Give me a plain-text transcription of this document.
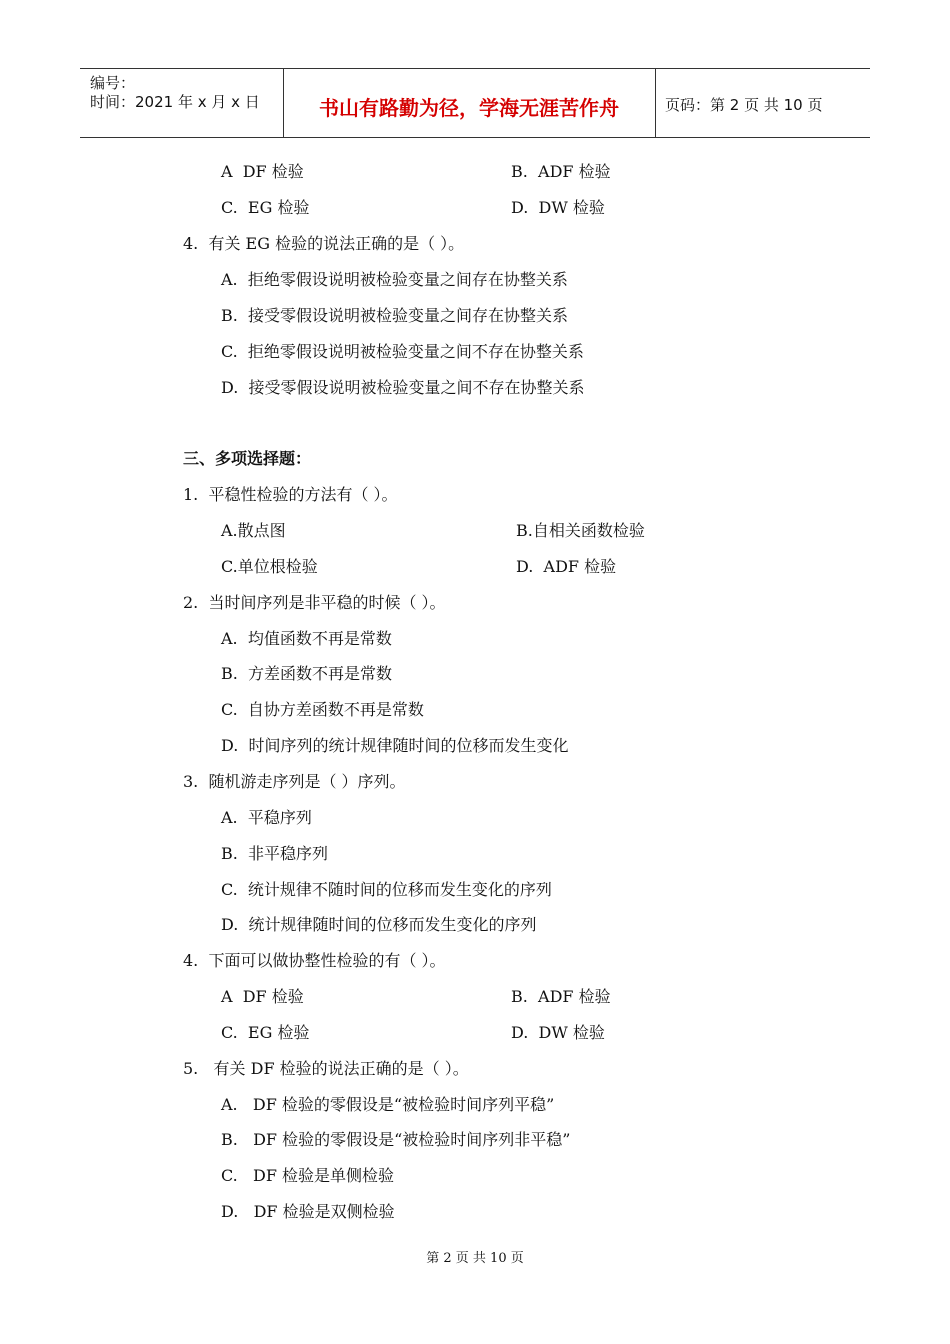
编号：
时间：2021 年 x 月 x 日	书山有路勤为径，学海无涯苦作舟	页码：第 2 页 共 10 页
A  DF 检验	B.  ADF 检验
C.  EG 检验	D.  DW 检验
4.  有关 EG 检验的说法正确的是（ ）。
A.  拒绝零假设说明被检验变量之间存在协整关系
B.  接受零假设说明被检验变量之间存在协整关系
C.  拒绝零假设说明被检验变量之间不存在协整关系
D.  接受零假设说明被检验变量之间不存在协整关系
三、多项选择题：
1.  平稳性检验的方法有（ ）。
A.散点图	B.自相关函数检验
C.单位根检验	D.  ADF 检验
2.  当时间序列是非平稳的时候（ ）。
A.  均值函数不再是常数
B.  方差函数不再是常数
C.  自协方差函数不再是常数
D.  时间序列的统计规律随时间的位移而发生变化
3.  随机游走序列是（ ）序列。
A.  平稳序列
B.  非平稳序列
C.  统计规律不随时间的位移而发生变化的序列
D.  统计规律随时间的位移而发生变化的序列
4.  下面可以做协整性检验的有（ ）。
A  DF 检验	B.  ADF 检验
C.  EG 检验	D.  DW 检验
5.   有关 DF 检验的说法正确的是（ ）。
A.   DF 检验的零假设是“被检验时间序列平稳”
B.   DF 检验的零假设是“被检验时间序列非平稳”
C.   DF 检验是单侧检验
D.   DF 检验是双侧检验
第 2 页 共 10 页
